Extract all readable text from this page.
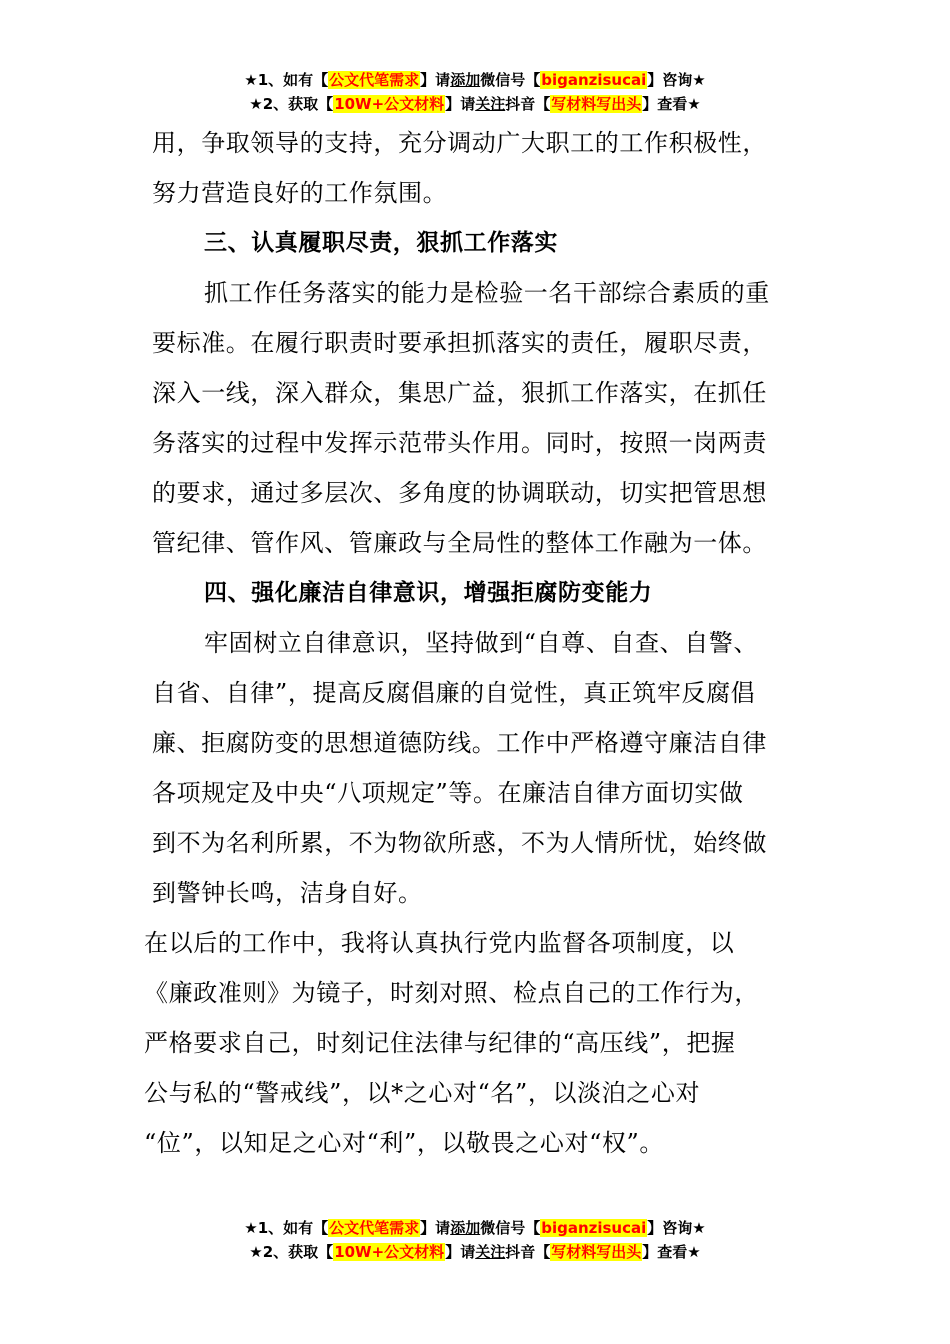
★1、如有【公文代笔需求】请添加微信号【biganzisucai】咨询★
★2、获取【10W+公文材料】请关注抖音【写材料写出头】查看★
用，争取领导的支持，充分调动广大职工的工作积极性，
努力营造良好的工作氛围。
三、认真履职尽责，狠抓工作落实
抓工作任务落实的能力是检验一名干部综合素质的重
要标准。在履行职责时要承担抓落实的责任，履职尽责，
深入一线，深入群众，集思广益，狠抓工作落实，在抓任
务落实的过程中发挥示范带头作用。同时，按照一岗两责
的要求，通过多层次、多角度的协调联动，切实把管思想
管纪律、管作风、管廉政与全局性的整体工作融为一体。
四、强化廉洁自律意识，增强拒腐防变能力
牢固树立自律意识，坚持做到“自尊、自查、自警、
自省、自律”，提高反腐倡廉的自觉性，真正筑牢反腐倡
廉、拒腐防变的思想道德防线。工作中严格遵守廉洁自律
各项规定及中央“八项规定”等。在廉洁自律方面切实做
到不为名利所累，不为物欲所惑，不为人情所忧，始终做
到警钟长鸣，洁身自好。
在以后的工作中，我将认真执行党内监督各项制度，以
《廉政准则》为镜子，时刻对照、检点自己的工作行为，
严格要求自己，时刻记住法律与纪律的“高压线”，把握
公与私的“警戒线”，以*之心对“名”，以淡泊之心对
“位”，以知足之心对“利”，以敬畏之心对“权”。
★1、如有【公文代笔需求】请添加微信号【biganzisucai】咨询★
★2、获取【10W+公文材料】请关注抖音【写材料写出头】查看★
